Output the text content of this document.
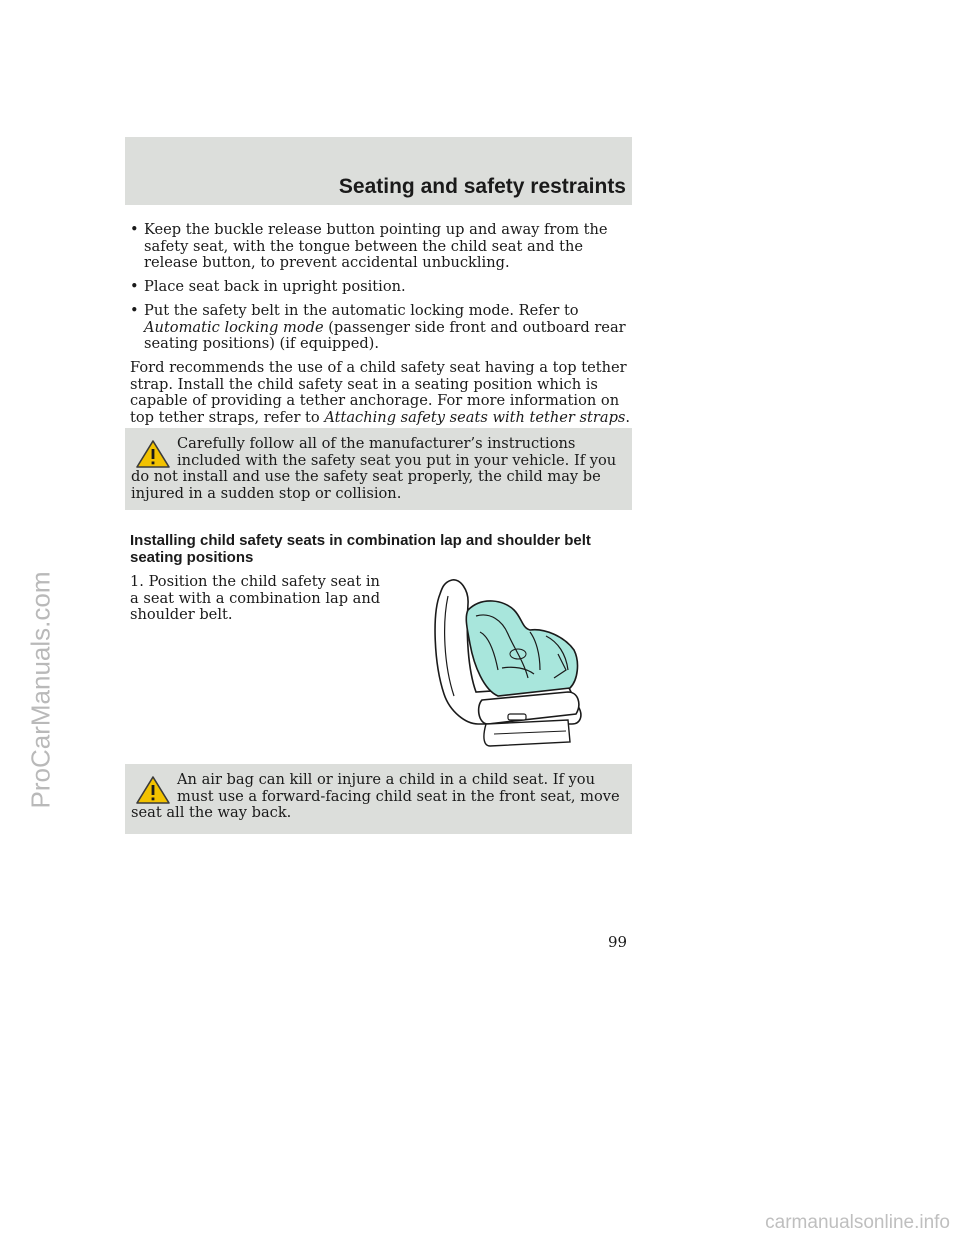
Seating and safety restraints
• Keep the buckle release button pointing up and away from the safety seat, with the tongue between the child seat and the release button, to prevent accidental unbuckling.
• Place seat back in upright position.
• Put the safety belt in the automatic locking mode. Refer to Automatic locking mode (passenger side front and outboard rear seating positions) (if equipped).
Ford recommends the use of a child safety seat having a top tether strap. Install the child safety seat in a seating position which is capable of providing a tether anchorage. For more information on top tether straps, refer to Attaching safety seats with tether straps.
Carefully follow all of the manufacturer’s instructions included with the safety seat you put in your vehicle. If you do not install and use the safety seat properly, the child may be injured in a sudden stop or collision.
Installing child safety seats in combination lap and shoulder belt seating positions
1. Position the child safety seat in a seat with a combination lap and shoulder belt.
An air bag can kill or injure a child in a child seat. If you must use a forward-facing child seat in the front seat, move seat all the way back.
99
ProCarManuals.com
carmanualsonline.info
